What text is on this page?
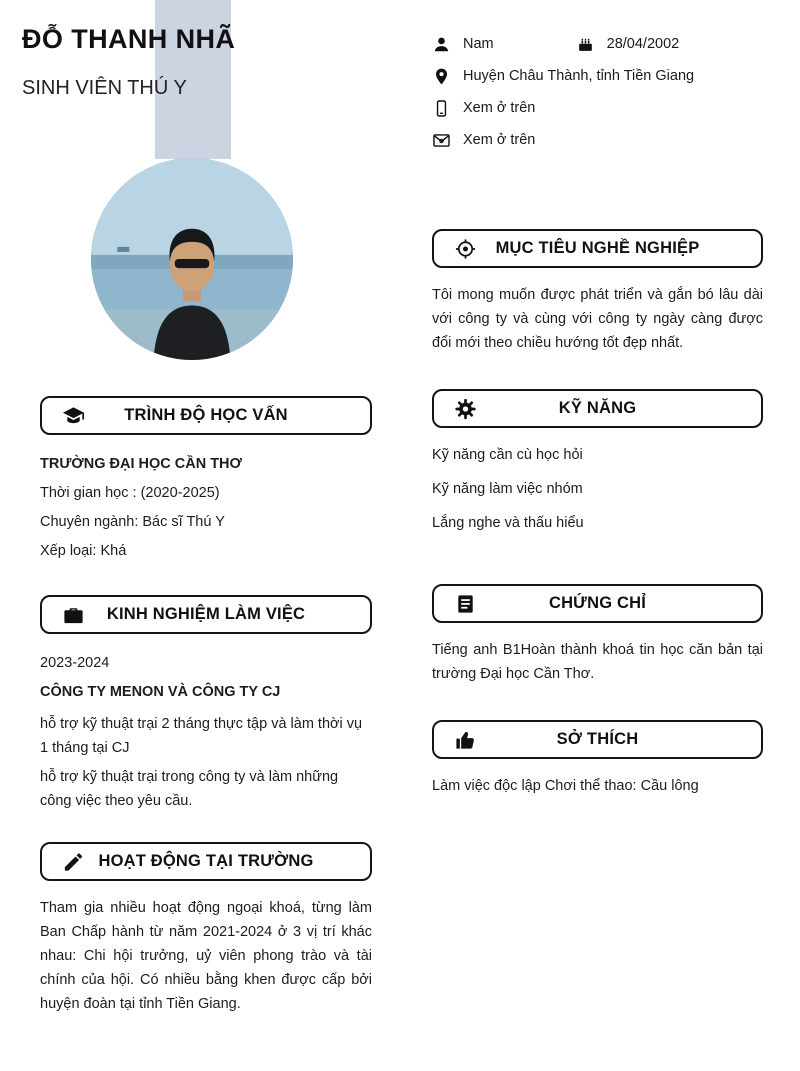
ĐỖ THANH NHÃ
SINH VIÊN THÚ Y
Nam	28/04/2002
Huyện Châu Thành, tỉnh Tiền Giang
Xem ở trên
Xem ở trên
TRÌNH ĐỘ HỌC VẤN
TRƯỜNG ĐẠI HỌC CẦN THƠ
Thời gian học : (2020-2025)
Chuyên ngành: Bác sĩ Thú Y
Xếp loại: Khá
KINH NGHIỆM LÀM VIỆC
2023-2024
CÔNG TY MENON VÀ CÔNG TY CJ

hỗ trợ kỹ thuật trại 2 tháng thực tập và làm thời vụ 1 tháng tại CJ

hỗ trợ kỹ thuật trại trong công ty và làm những công việc theo yêu cầu.

HOẠT ĐỘNG TẠI TRƯỜNG

Tham gia nhiều hoạt động ngoại khoá, từng làm Ban Chấp hành từ năm 2021-2024 ở 3 vị trí khác nhau: Chi hội trưởng, uỷ viên phong trào và tài chính của hội. Có nhiều bằng khen được cấp bởi huyện đoàn tại tỉnh Tiền Giang.

MỤC TIÊU NGHỀ NGHIỆP

Tôi mong muốn được phát triển và gắn bó lâu dài với công ty và cùng với công ty ngày càng được đổi mới theo chiều hướng tốt đẹp nhất.

KỸ NĂNG
Kỹ năng cần cù học hỏi
Kỹ năng làm việc nhóm
Lắng nghe và thấu hiểu
CHỨNG CHỈ

Tiếng anh B1Hoàn thành khoá tin học căn bản tại trường Đại học Cần Thơ.

SỞ THÍCH

Làm việc độc lập Chơi thể thao: Cầu lông
